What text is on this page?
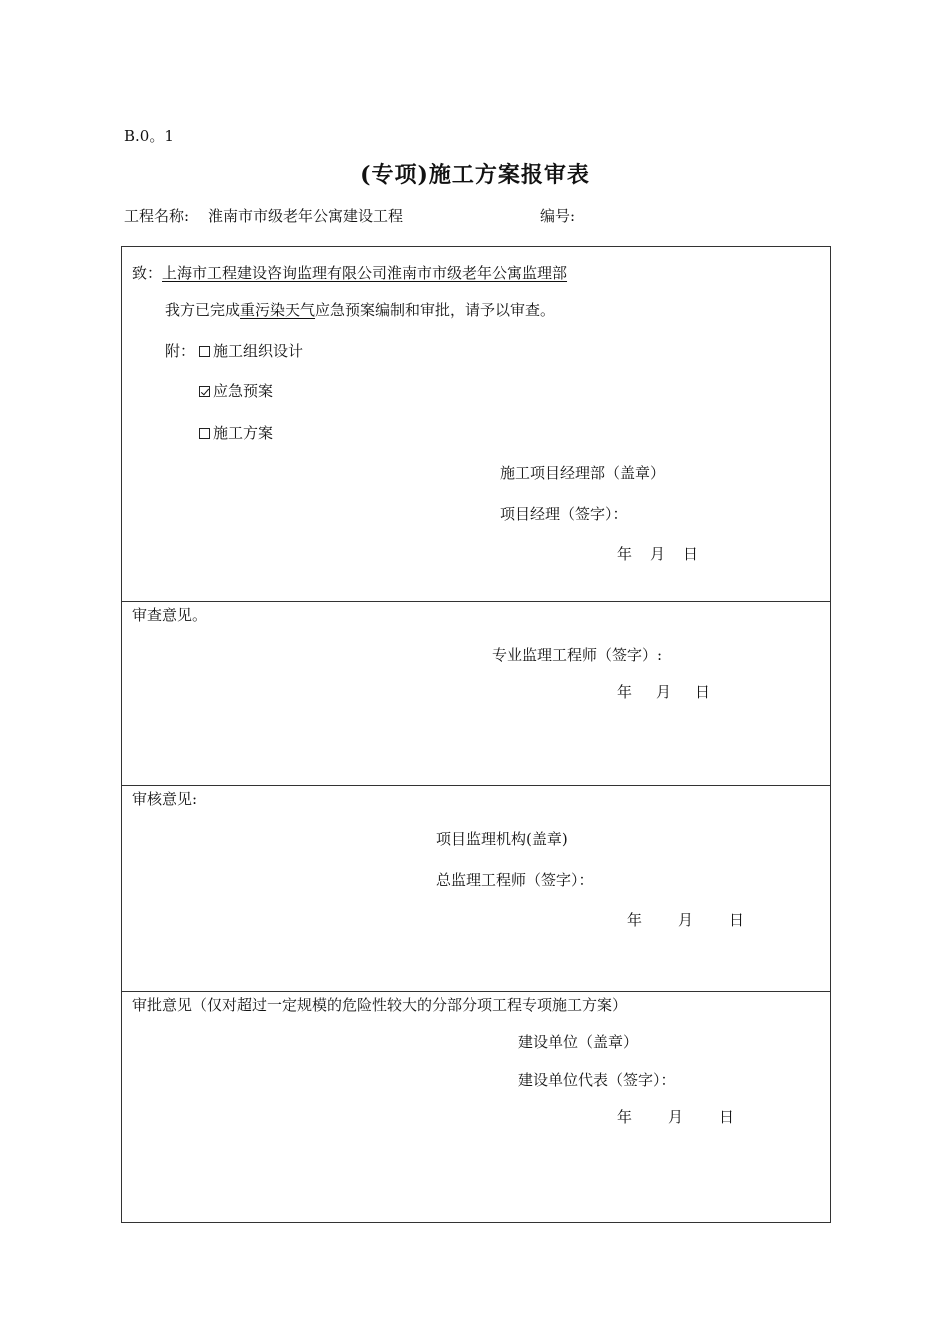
B.0。1
(专项)施工方案报审表
工程名称: 淮南市市级老年公寓建设工程	编号:
致：上海市工程建设咨询监理有限公司淮南市市级老年公寓监理部
我方已完成重污染天气应急预案编制和审批，请予以审查。
附：	施工组织设计
应急预案
施工方案
施工项目经理部（盖章）
项目经理（签字）：
年 月 日
审查意见。
专业监理工程师（签字）:
年 月 日
审核意见:
项目监理机构(盖章)
总监理工程师（签字）：
年 月 日
审批意见（仅对超过一定规模的危险性较大的分部分项工程专项施工方案）
建设单位（盖章）
建设单位代表（签字）：
年 月 日
